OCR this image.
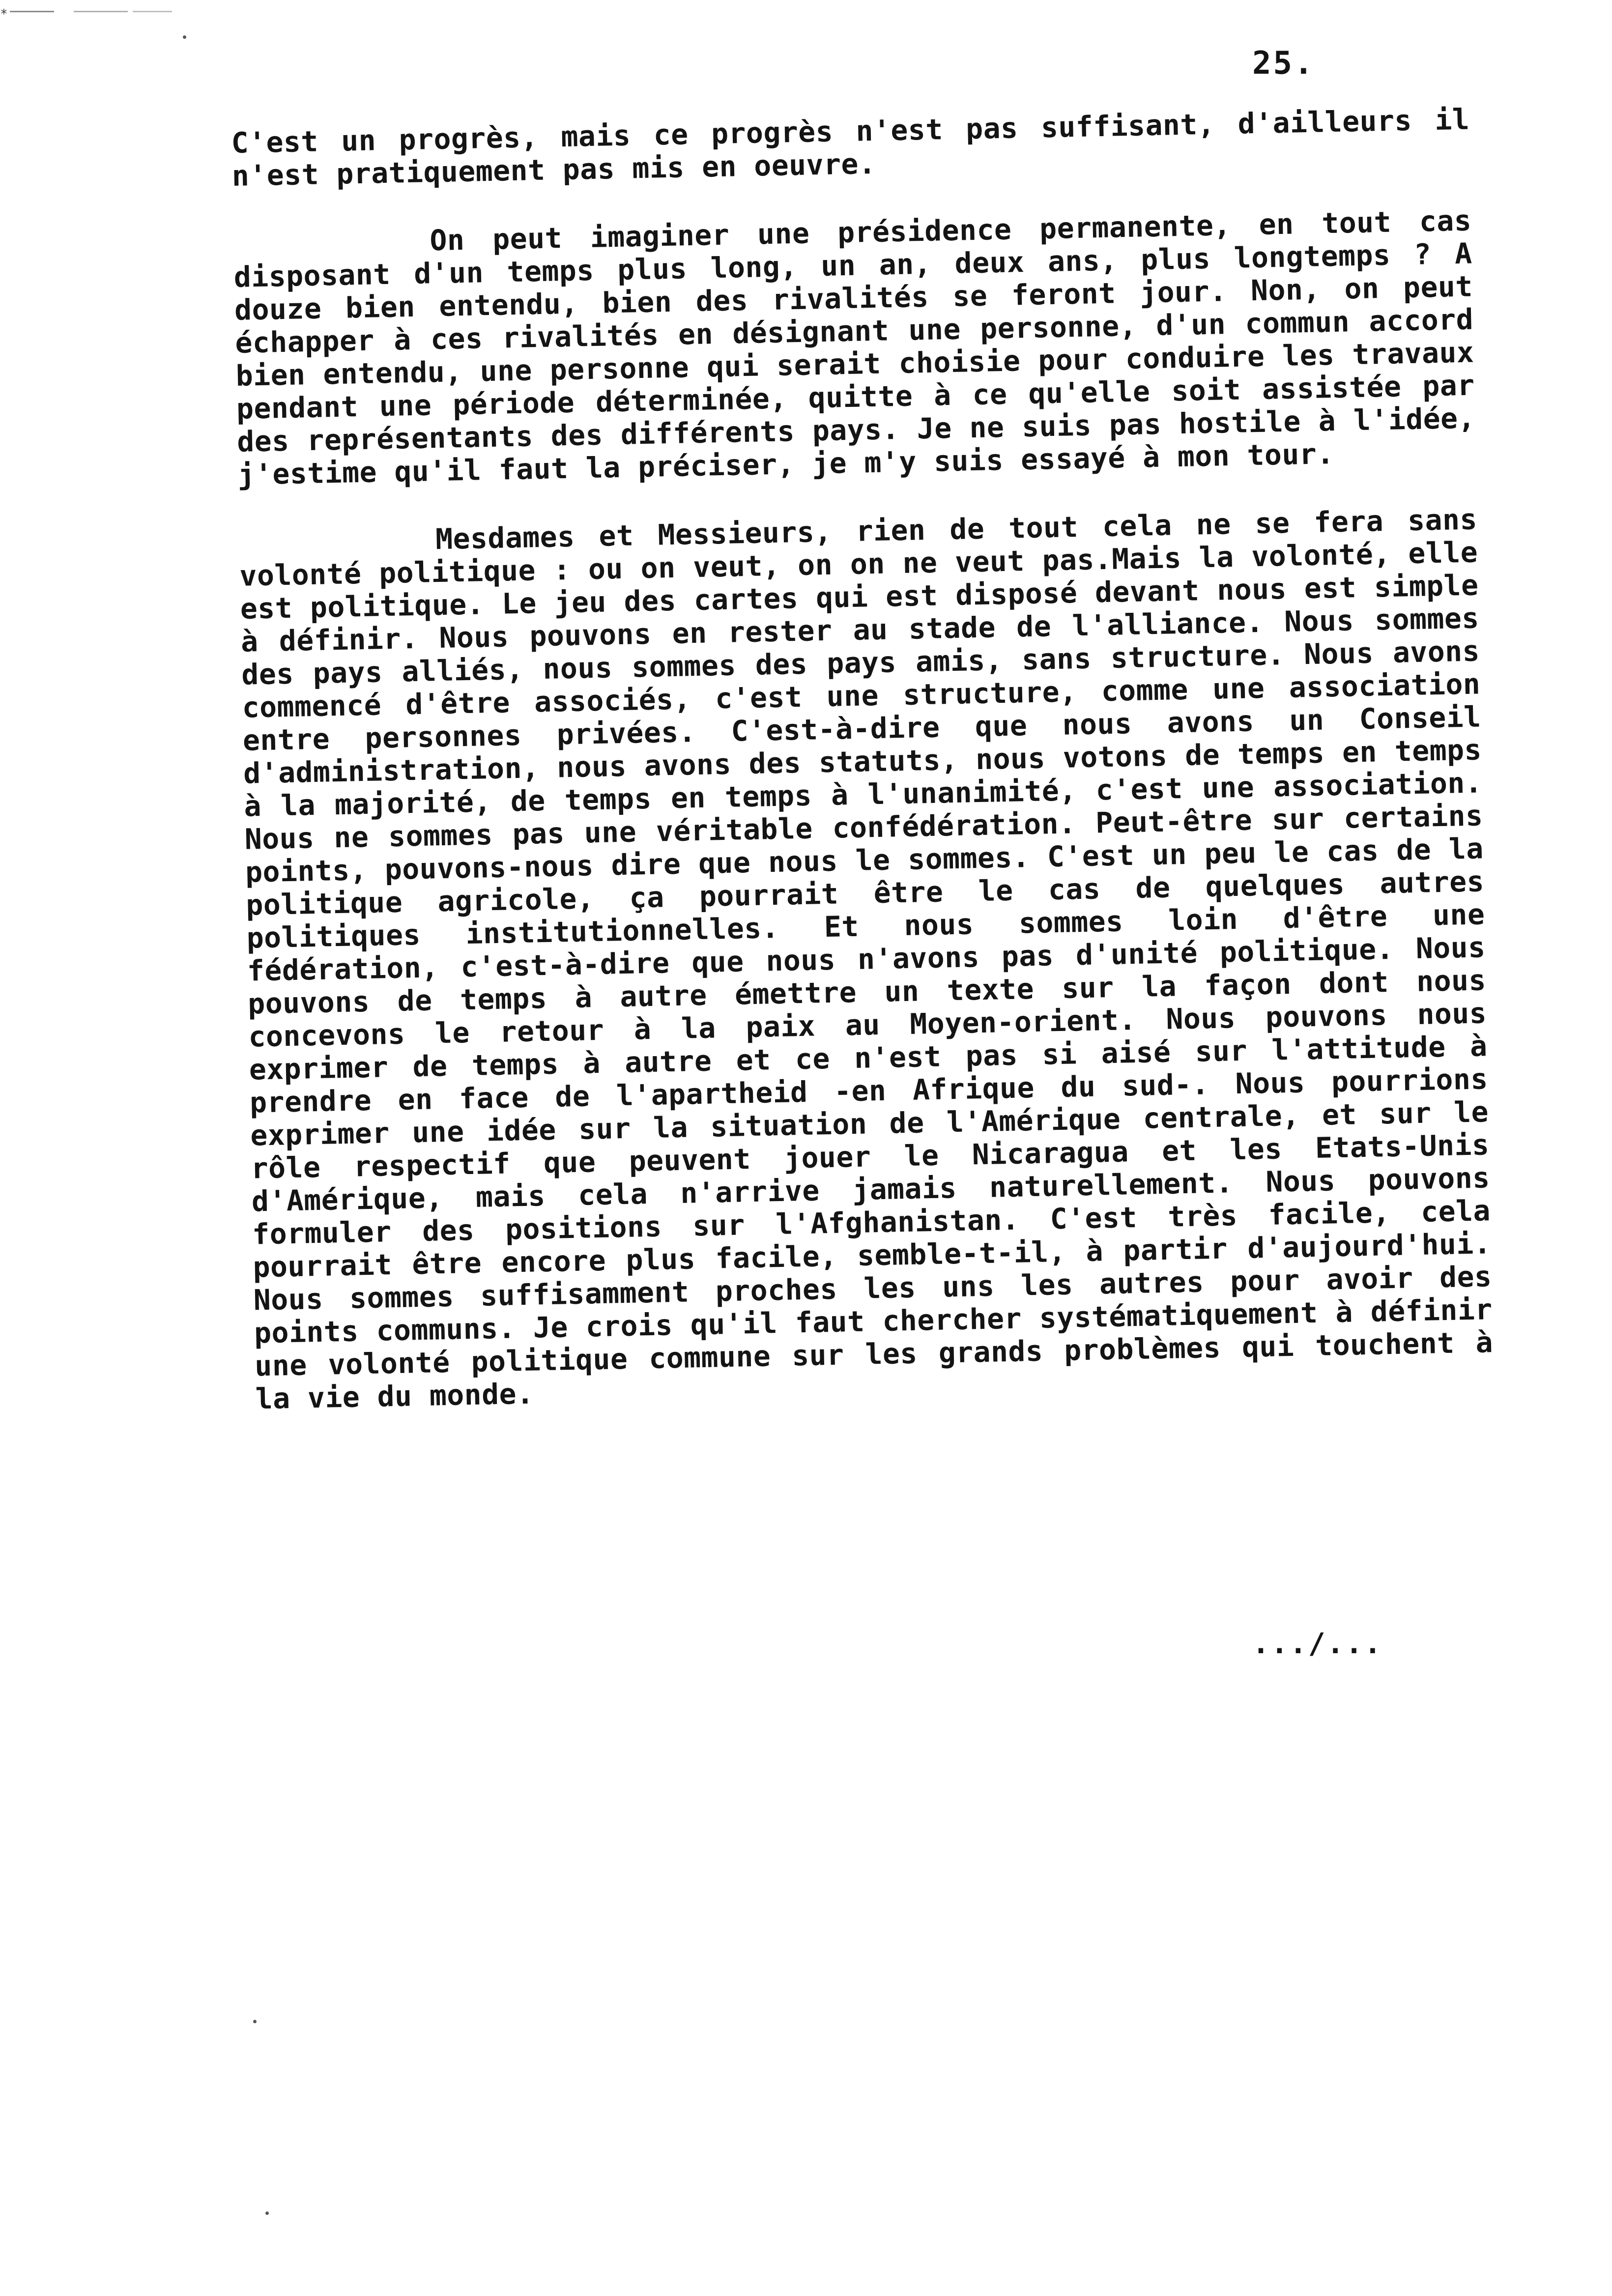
*
25.

C'est un progrès, mais ce progrès n'est pas suffisant, d'ailleurs il n'est pratiquement pas mis en oeuvre.

On peut imaginer une présidence permanente, en tout cas disposant d'un temps plus long, un an, deux ans, plus longtemps ? A douze bien entendu, bien des rivalités se feront jour. Non, on peut échapper à ces rivalités en désignant une personne, d'un commun accord bien entendu, une personne qui serait choisie pour conduire les travaux pendant une période déterminée, quitte à ce qu'elle soit assistée par des représentants des différents pays. Je ne suis pas hostile à l'idée, j'estime qu'il faut la préciser, je m'y suis essayé à mon tour.

Mesdames et Messieurs, rien de tout cela ne se fera sans volonté politique : ou on veut, on on ne veut pas.Mais la volonté, elle est politique. Le jeu des cartes qui est disposé devant nous est simple à définir. Nous pouvons en rester au stade de l'alliance. Nous sommes des pays alliés, nous sommes des pays amis, sans structure. Nous avons commencé d'être associés, c'est une structure, comme une association entre personnes privées. C'est-à-dire que nous avons un Conseil d'administration, nous avons des statuts, nous votons de temps en temps à la majorité, de temps en temps à l'unanimité, c'est une association. Nous ne sommes pas une véritable confédération. Peut-être sur certains points, pouvons-nous dire que nous le sommes. C'est un peu le cas de la politique agricole, ça pourrait être le cas de quelques autres politiques institutionnelles. Et nous sommes loin d'être une fédération, c'est-à-dire que nous n'avons pas d'unité politique. Nous pouvons de temps à autre émettre un texte sur la façon dont nous concevons le retour à la paix au Moyen-orient. Nous pouvons nous exprimer de temps à autre et ce n'est pas si aisé sur l'attitude à prendre en face de l'apartheid -en Afrique du sud-. Nous pourrions exprimer une idée sur la situation de l'Amérique centrale, et sur le rôle respectif que peuvent jouer le Nicaragua et les Etats-Unis d'Amérique, mais cela n'arrive jamais naturellement. Nous pouvons formuler des positions sur l'Afghanistan. C'est très facile, cela pourrait être encore plus facile, semble-t-il, à partir d'aujourd'hui. Nous sommes suffisamment proches les uns les autres pour avoir des points communs. Je crois qu'il faut chercher systématiquement à définir une volonté politique commune sur les grands problèmes qui touchent à la vie du monde.

.../...
